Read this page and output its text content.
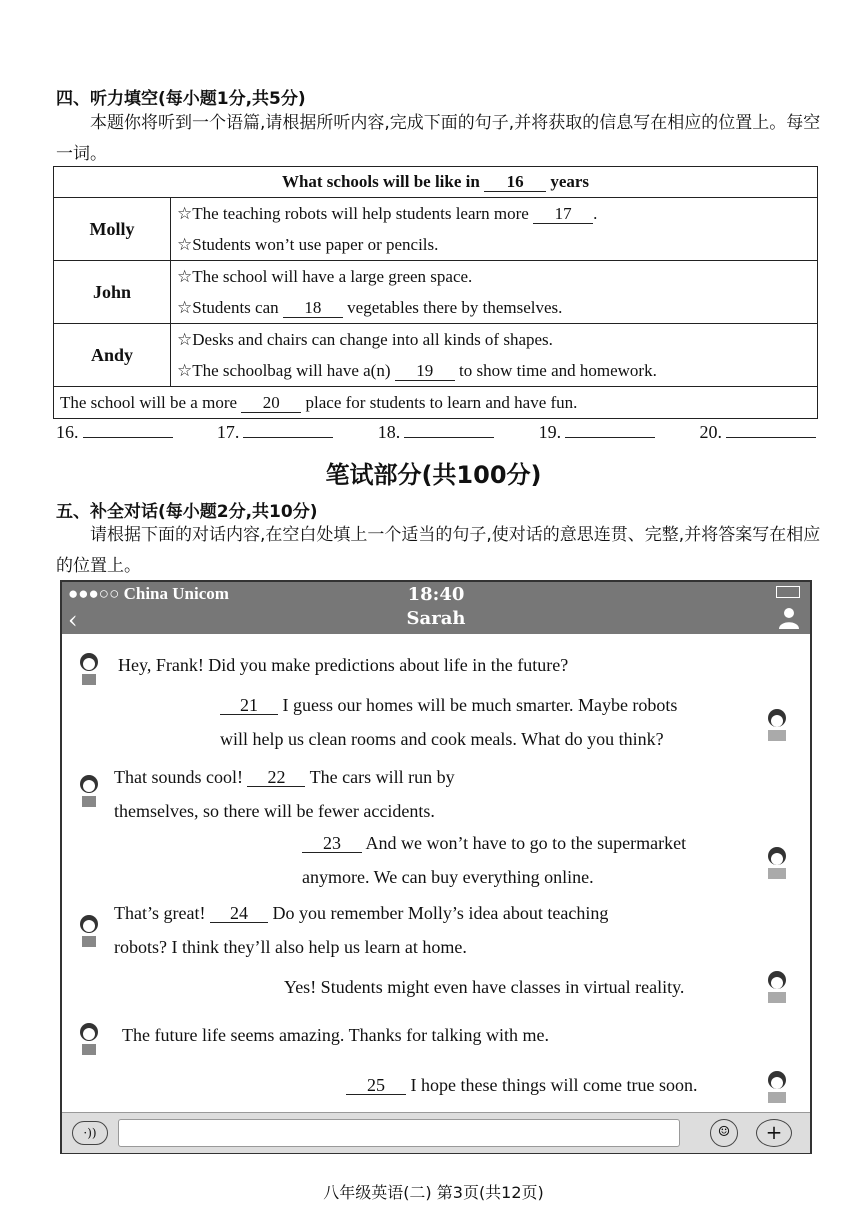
四、听力填空(每小题1分,共5分)
本题你将听到一个语篇,请根据所听内容,完成下面的句子,并将获取的信息写在相应的位置上。每空一词。
What schools will be like in 16 years	
Molly	☆The teaching robots will help students learn more 17 .
☆Students won’t use paper or pencils.

John	☆The school will have a large green space.
☆Students can 18 vegetables there by themselves.

Andy	☆Desks and chairs can change into all kinds of shapes.
☆The schoolbag will have a(n) 19 to show time and homework.

The school will be a more 20 place for students to learn and have fun.	
16.	17.	18.	19.	20.
笔试部分(共100分)
五、补全对话(每小题2分,共10分)
请根据下面的对话内容,在空白处填上一个适当的句子,使对话的意思连贯、完整,并将答案写在相应的位置上。
●●●○○ China Unicom	18:40
Sarah
‹
Hey, Frank! Did you make predictions about life in the future?
21 I guess our homes will be much smarter. Maybe robots
will help us clean rooms and cook meals. What do you think?
That sounds cool! 22 The cars will run by
themselves, so there will be fewer accidents.
23 And we won’t have to go to the supermarket
anymore. We can buy everything online.
That’s great! 24 Do you remember Molly’s idea about teaching
robots? I think they’ll also help us learn at home.
Yes! Students might even have classes in virtual reality.
The future life seems amazing. Thanks for talking with me.
25 I hope these things will come true soon.
·))	☺	+
八年级英语(二) 第3页(共12页)
